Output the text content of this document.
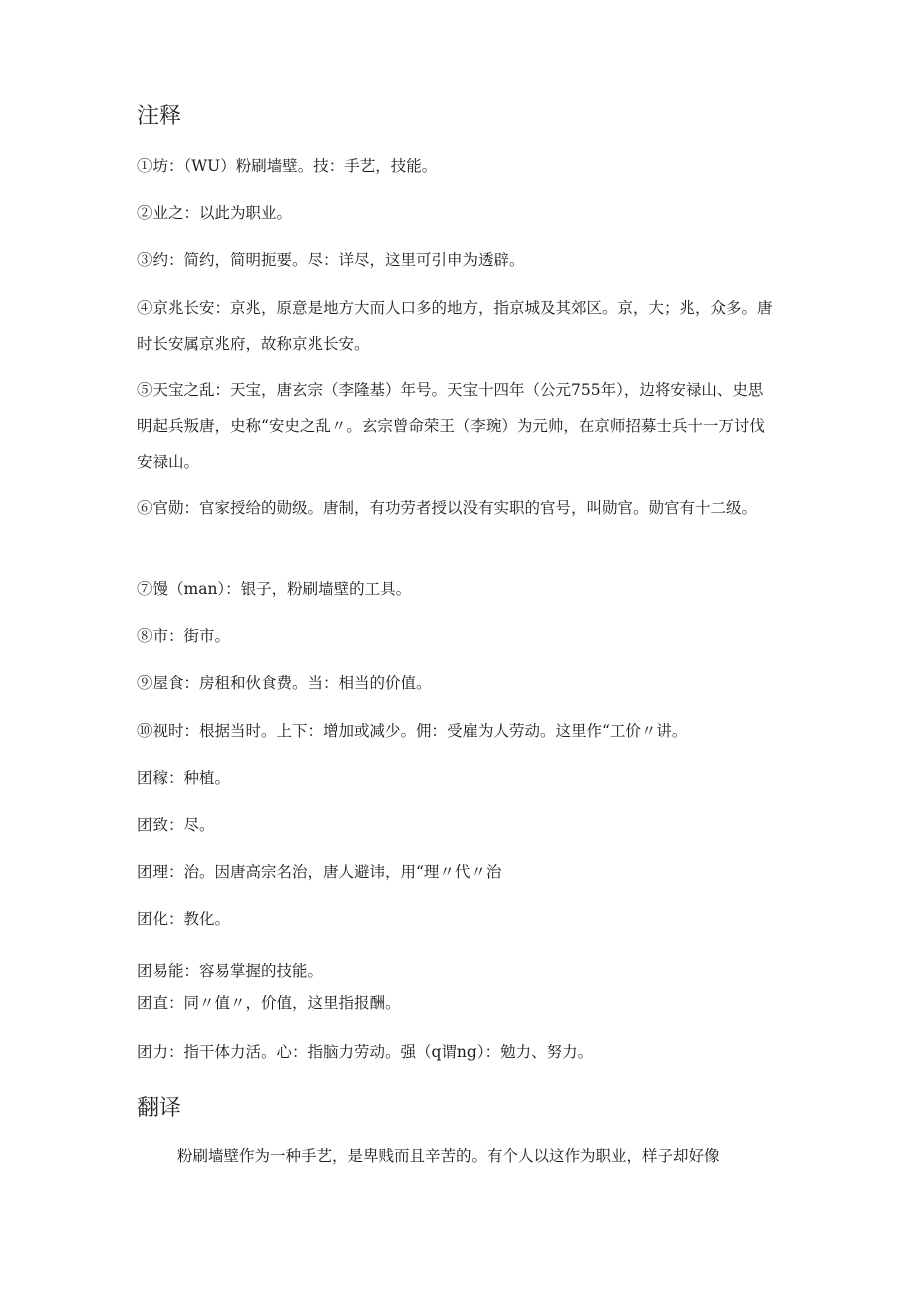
注释

①坊：（WU）粉刷墙壁。技：手艺，技能。

②业之：以此为职业。

③约：简约，简明扼要。尽：详尽，这里可引申为透辟。

④京兆长安：京兆，原意是地方大而人口多的地方，指京城及其郊区。京，大；兆，众多。唐时长安属京兆府，故称京兆长安。

⑤天宝之乱：天宝，唐玄宗（李隆基）年号。天宝十四年（公元755年），边将安禄山、史思明起兵叛唐，史称“安史之乱〃。玄宗曾命荣王（李琬）为元帅，在京师招募士兵十一万讨伐安禄山。

⑥官勋：官家授给的勋级。唐制，有功劳者授以没有实职的官号，叫勋官。勋官有十二级。

⑦馒（man）：银子，粉刷墙壁的工具。

⑧市：街市。

⑨屋食：房租和伙食费。当：相当的价值。

⑩视时：根据当时。上下：增加或减少。佣：受雇为人劳动。这里作“工价〃讲。

团稼：种植。

团致：尽。

团理：治。因唐高宗名治，唐人避讳，用“理〃代〃治

团化：教化。

团易能：容易掌握的技能。

团直：同〃值〃，价值，这里指报酬。

团力：指干体力活。心：指脑力劳动。强（q谓ng）：勉力、努力。

翻译

粉刷墙壁作为一种手艺，是卑贱而且辛苦的。有个人以这作为职业，样子却好像
